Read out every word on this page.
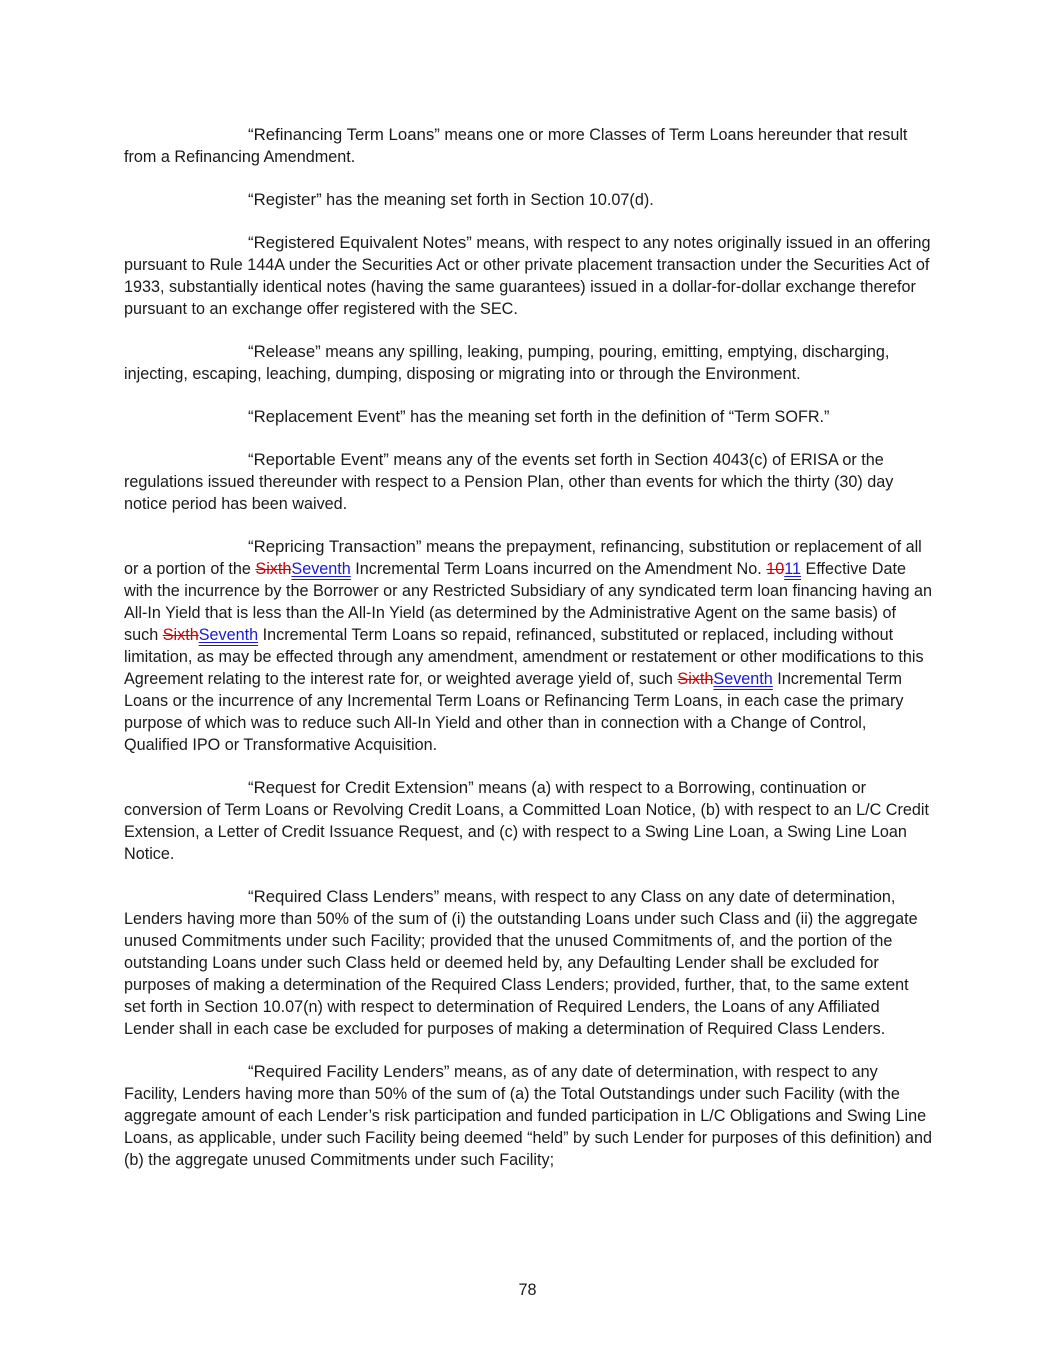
“Refinancing Term Loans” means one or more Classes of Term Loans hereunder that result from a Refinancing Amendment.

“Register” has the meaning set forth in Section 10.07(d).

“Registered Equivalent Notes” means, with respect to any notes originally issued in an offering pursuant to Rule 144A under the Securities Act or other private placement transaction under the Securities Act of 1933, substantially identical notes (having the same guarantees) issued in a dollar-for-dollar exchange therefor pursuant to an exchange offer registered with the SEC.

“Release” means any spilling, leaking, pumping, pouring, emitting, emptying, discharging, injecting, escaping, leaching, dumping, disposing or migrating into or through the Environment.

“Replacement Event” has the meaning set forth in the definition of “Term SOFR.”

“Reportable Event” means any of the events set forth in Section 4043(c) of ERISA or the regulations issued thereunder with respect to a Pension Plan, other than events for which the thirty (30) day notice period has been waived.

“Repricing Transaction” means the prepayment, refinancing, substitution or replacement of all or a portion of the SixthSeventh Incremental Term Loans incurred on the Amendment No. 1011 Effective Date with the incurrence by the Borrower or any Restricted Subsidiary of any syndicated term loan financing having an All-In Yield that is less than the All-In Yield (as determined by the Administrative Agent on the same basis) of such SixthSeventh Incremental Term Loans so repaid, refinanced, substituted or replaced, including without limitation, as may be effected through any amendment, amendment or restatement or other modifications to this Agreement relating to the interest rate for, or weighted average yield of, such SixthSeventh Incremental Term Loans or the incurrence of any Incremental Term Loans or Refinancing Term Loans, in each case the primary purpose of which was to reduce such All-In Yield and other than in connection with a Change of Control, Qualified IPO or Transformative Acquisition.

“Request for Credit Extension” means (a) with respect to a Borrowing, continuation or conversion of Term Loans or Revolving Credit Loans, a Committed Loan Notice, (b) with respect to an L/C Credit Extension, a Letter of Credit Issuance Request, and (c) with respect to a Swing Line Loan, a Swing Line Loan Notice.

“Required Class Lenders” means, with respect to any Class on any date of determination, Lenders having more than 50% of the sum of (i) the outstanding Loans under such Class and (ii) the aggregate unused Commitments under such Facility; provided that the unused Commitments of, and the portion of the outstanding Loans under such Class held or deemed held by, any Defaulting Lender shall be excluded for purposes of making a determination of the Required Class Lenders; provided, further, that, to the same extent set forth in Section 10.07(n) with respect to determination of Required Lenders, the Loans of any Affiliated Lender shall in each case be excluded for purposes of making a determination of Required Class Lenders.

“Required Facility Lenders” means, as of any date of determination, with respect to any Facility, Lenders having more than 50% of the sum of (a) the Total Outstandings under such Facility (with the aggregate amount of each Lender’s risk participation and funded participation in L/C Obligations and Swing Line Loans, as applicable, under such Facility being deemed “held” by such Lender for purposes of this definition) and (b) the aggregate unused Commitments under such Facility;

78
